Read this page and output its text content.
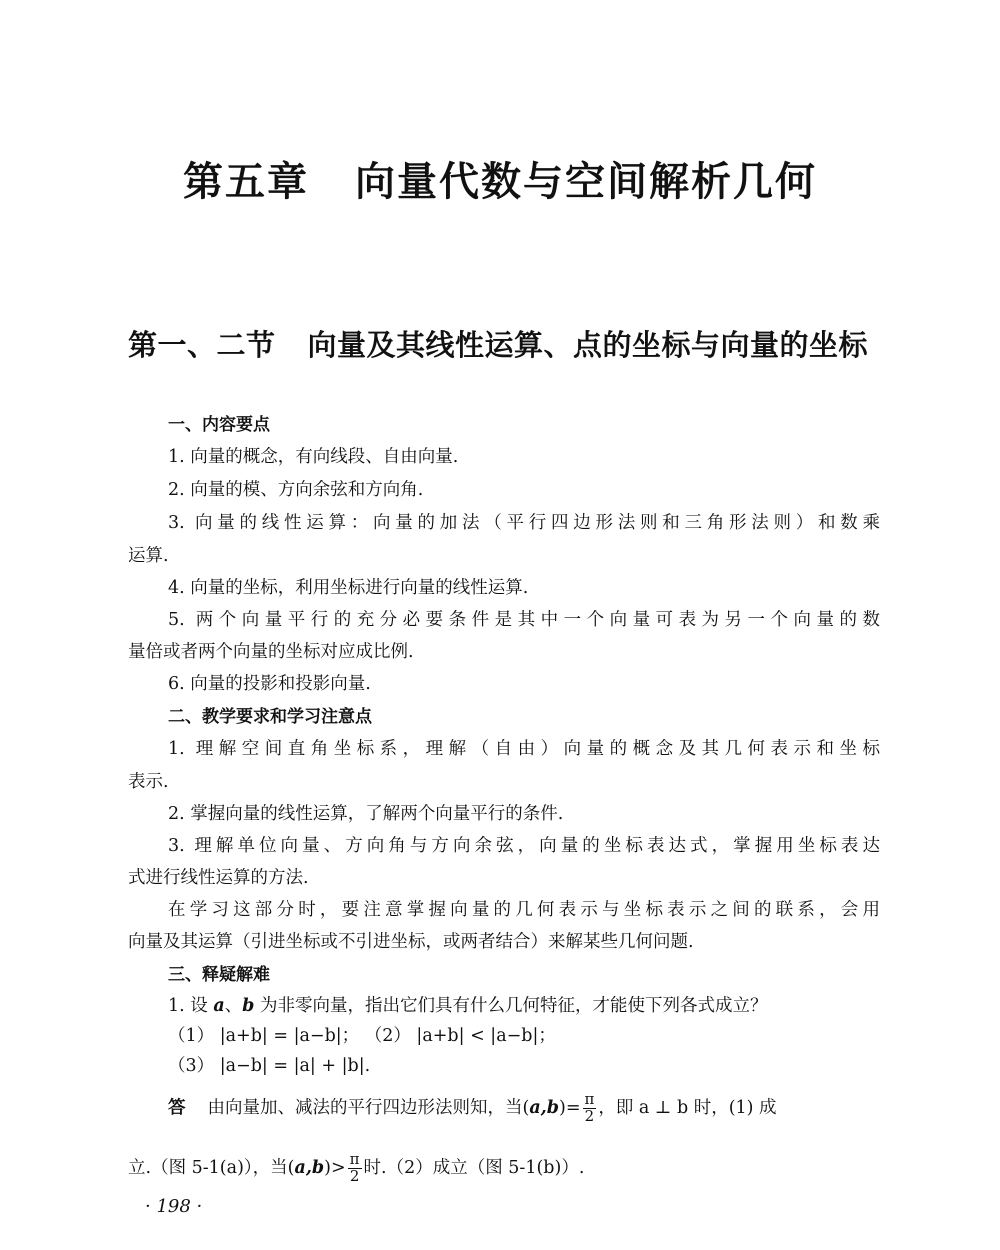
第五章 向量代数与空间解析几何
第一、二节 向量及其线性运算、点的坐标与向量的坐标
一、内容要点
1. 向量的概念，有向线段、自由向量.
2. 向量的模、方向余弦和方向角.
3. 向量的线性运算：向量的加法（平行四边形法则和三角形法则）和数乘
运算.
4. 向量的坐标，利用坐标进行向量的线性运算.
5. 两个向量平行的充分必要条件是其中一个向量可表为另一个向量的数
量倍或者两个向量的坐标对应成比例.
6. 向量的投影和投影向量.
二、教学要求和学习注意点
1. 理解空间直角坐标系，理解（自由）向量的概念及其几何表示和坐标
表示.
2. 掌握向量的线性运算，了解两个向量平行的条件.
3. 理解单位向量、方向角与方向余弦，向量的坐标表达式，掌握用坐标表达
式进行线性运算的方法.
在学习这部分时，要注意掌握向量的几何表示与坐标表示之间的联系，会用
向量及其运算（引进坐标或不引进坐标，或两者结合）来解某些几何问题.
三、释疑解难
1. 设 a、b 为非零向量，指出它们具有什么几何特征，才能使下列各式成立？
（1） |a+b| = |a−b|； （2） |a+b| < |a−b|；
（3） |a−b| = |a| + |b|.
答 由向量加、减法的平行四边形法则知，当$(a,b)= \frac{\pi}{2}$ ，即 a ⊥ b 时，(1) 成
立.（图 5-1(a)），当$(a,b)> \frac{\pi}{2}$ 时.（2）成立（图 5-1(b)）.
· 198 ·
